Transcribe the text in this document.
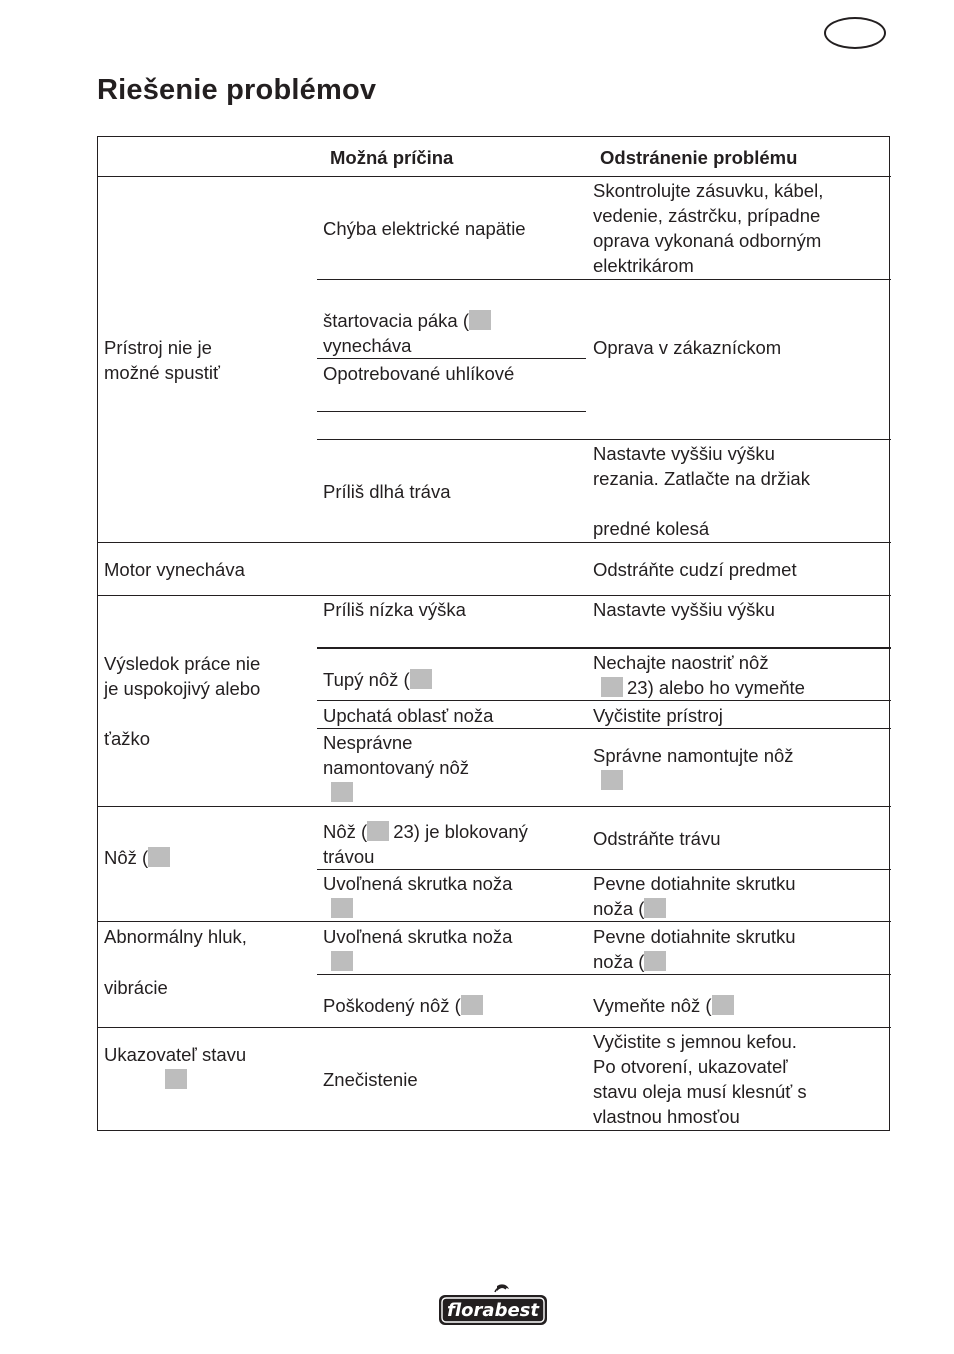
Riešenie problémov
Možná príčina	Odstránenie problému
Prístroj nie je
možné spustiť
Chýba elektrické napätie
štartovacia páka (
vynecháva
Opotrebované uhlíkové
Príliš dlhá tráva
Skontrolujte zásuvku, kábel,
vedenie, zástrčku, prípadne
oprava vykonaná odborným
elektrikárom
Oprava v zákazníckom
Nastavte vyššiu výšku
rezania. Zatlačte na držiak
predné kolesá
Motor vynecháva	Odstráňte cudzí predmet
Výsledok práce nie
je uspokojivý alebo
ťažko
Príliš nízka výška
Tupý nôž (
Upchatá oblasť noža
Nesprávne
namontovaný nôž
Nastavte vyššiu výšku
Nechajte naostriť nôž
23) alebo ho vymeňte
Vyčistite prístroj
Správne namontujte nôž
Nôž (
Nôž ( 23) je blokovaný
trávou
Uvoľnená skrutka noža
Odstráňte trávu
Pevne dotiahnite skrutku
noža (
Abnormálny hluk,
vibrácie
Uvoľnená skrutka noža
Poškodený nôž (
Pevne dotiahnite skrutku
noža (
Vymeňte nôž (
Ukazovateľ stavu
Znečistenie
Vyčistite s jemnou kefou.
Po otvorení, ukazovateľ
stavu oleja musí klesnúť s
vlastnou hmosťou
florabest
